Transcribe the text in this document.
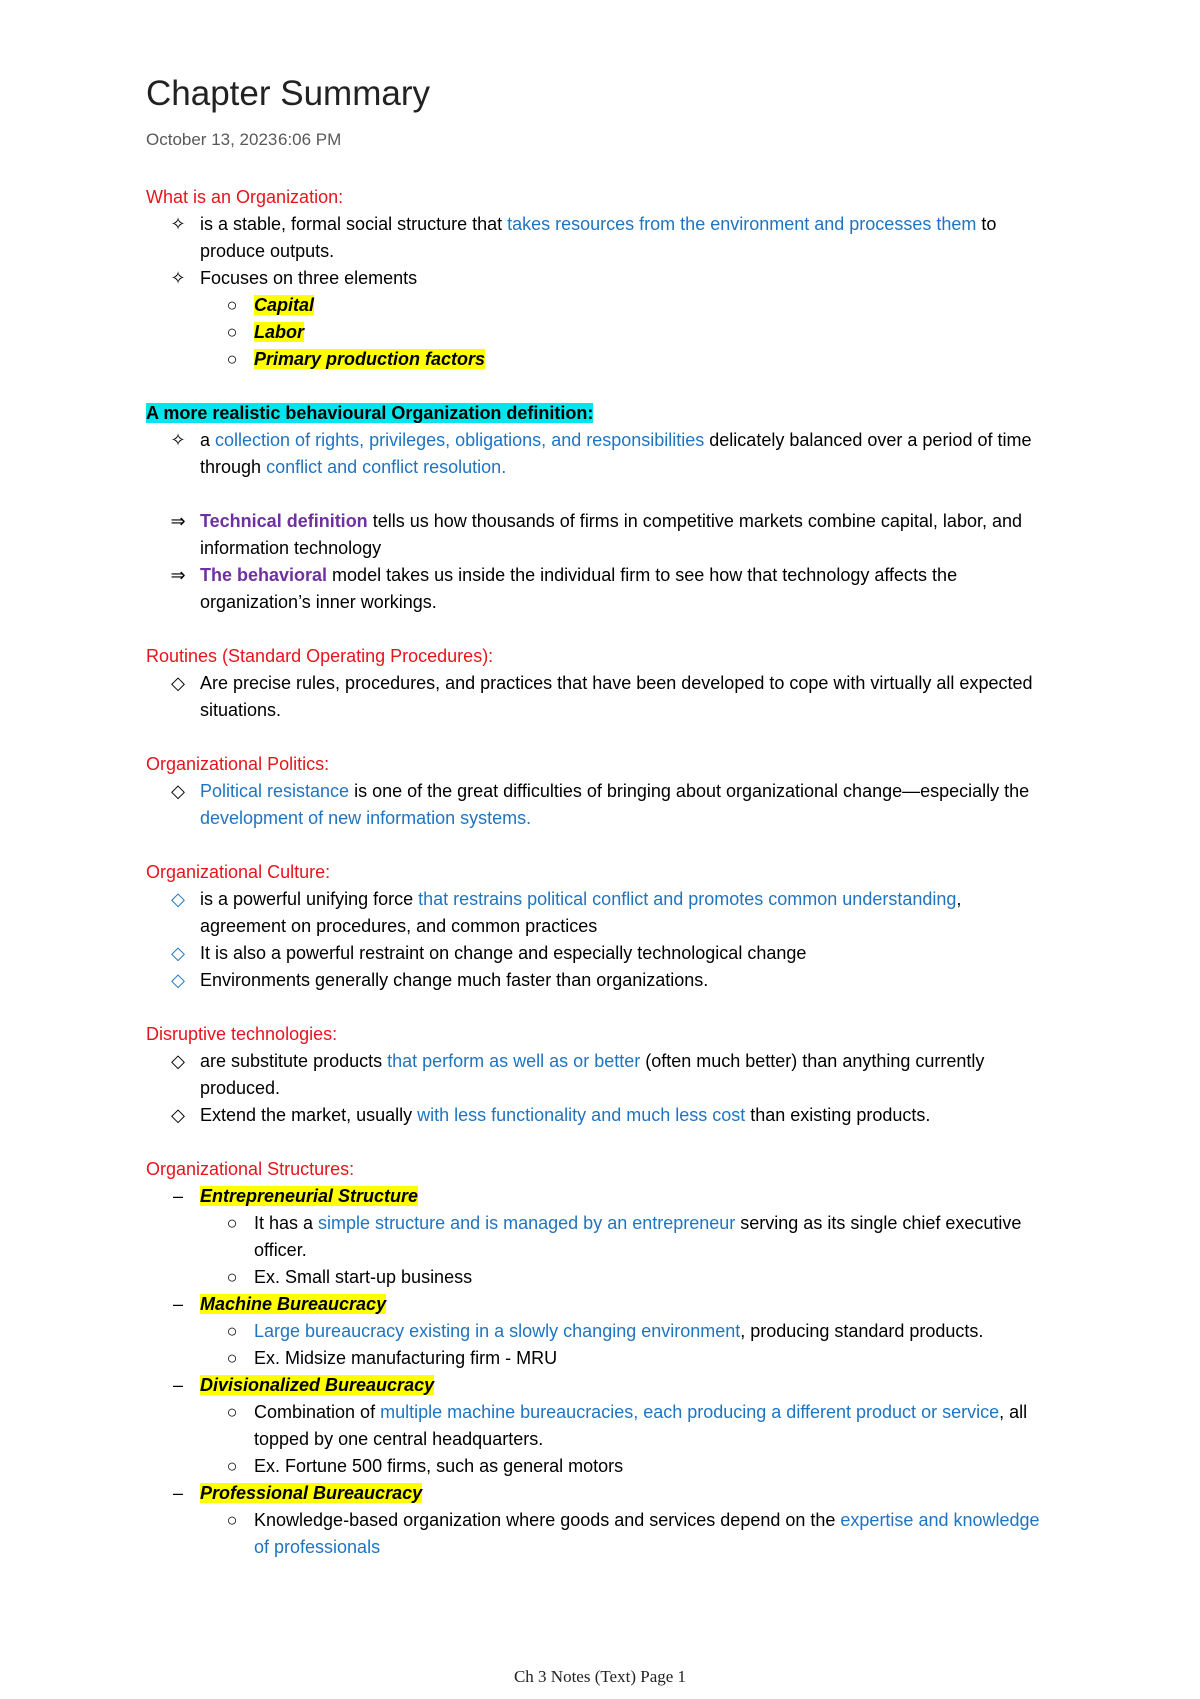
Chapter Summary
October 13, 2023 6:06 PM
What is an Organization:
✧ is a stable, formal social structure that takes resources from the environment and processes them to produce outputs.
✧ Focuses on three elements
○ Capital
○ Labor
○ Primary production factors
A more realistic behavioural Organization definition:
✧ a collection of rights, privileges, obligations, and responsibilities delicately balanced over a period of time through conflict and conflict resolution.
⇒ Technical definition tells us how thousands of firms in competitive markets combine capital, labor, and information technology
⇒ The behavioral model takes us inside the individual firm to see how that technology affects the organization’s inner workings.
Routines (Standard Operating Procedures):
◇ Are precise rules, procedures, and practices that have been developed to cope with virtually all expected situations.
Organizational Politics:
◇ Political resistance is one of the great difficulties of bringing about organizational change—especially the development of new information systems.
Organizational Culture:
◇ is a powerful unifying force that restrains political conflict and promotes common understanding, agreement on procedures, and common practices
◇ It is also a powerful restraint on change and especially technological change
◇ Environments generally change much faster than organizations.
Disruptive technologies:
◇ are substitute products that perform as well as or better (often much better) than anything currently produced.
◇ Extend the market, usually with less functionality and much less cost than existing products.
Organizational Structures:
– Entrepreneurial Structure
○ It has a simple structure and is managed by an entrepreneur serving as its single chief executive officer.
○ Ex. Small start-up business
– Machine Bureaucracy
○ Large bureaucracy existing in a slowly changing environment, producing standard products.
○ Ex. Midsize manufacturing firm - MRU
– Divisionalized Bureaucracy
○ Combination of multiple machine bureaucracies, each producing a different product or service, all topped by one central headquarters.
○ Ex. Fortune 500 firms, such as general motors
– Professional Bureaucracy
○ Knowledge-based organization where goods and services depend on the expertise and knowledge of professionals
Ch 3 Notes (Text) Page 1
